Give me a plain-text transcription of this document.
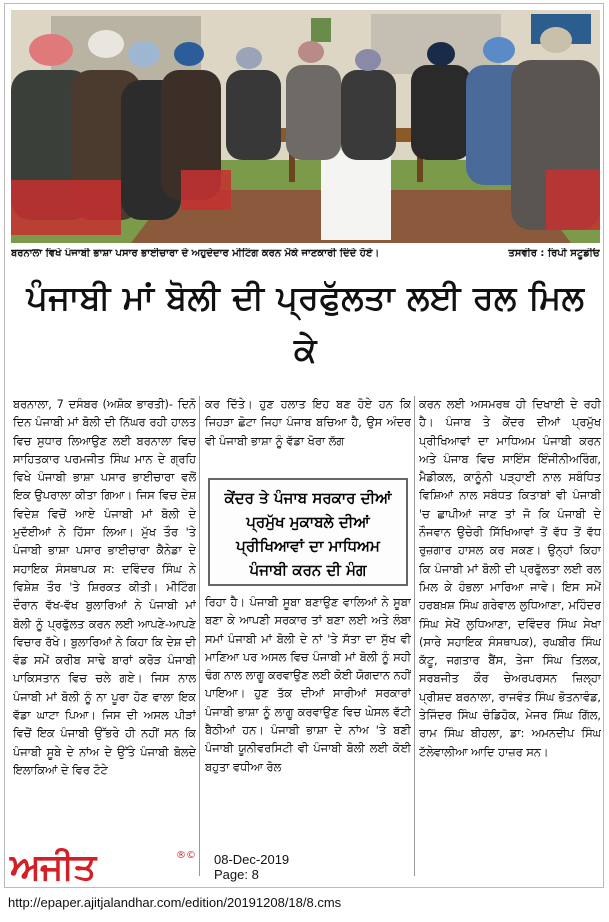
ਬਰਨਾਲਾ ਵਿਖੇ ਪੰਜਾਬੀ ਭਾਸ਼ਾ ਪਸਾਰ ਭਾਈਚਾਰਾ ਦੇ ਅਹੁਦੇਦਾਰ ਮੀਟਿੰਗ ਕਰਨ ਮੌਕੇ ਜਾਣਕਾਰੀ ਦਿੰਦੇ ਹੋਏ।	ਤਸਵੀਰ : ਰਿਪੀ ਸਟੂਡੀਓ
ਪੰਜਾਬੀ ਮਾਂ ਬੋਲੀ ਦੀ ਪ੍ਰਫੁੱਲਤਾ ਲਈ ਰਲ ਮਿਲ ਕੇ
ਬਰਨਾਲਾ, 7 ਦਸੰਬਰ (ਅਸ਼ੋਕ ਭਾਰਤੀ)- ਦਿਨੋ ਦਿਨ ਪੰਜਾਬੀ ਮਾਂ ਬੋਲੀ ਦੀ ਨਿੱਘਰ ਰਹੀ ਹਾਲਤ ਵਿਚ ਸੁਧਾਰ ਲਿਆਉਣ ਲਈ ਬਰਨਾਲਾ ਵਿਚ ਸਾਹਿਤਕਾਰ ਪਰਮਜੀਤ ਸਿੰਘ ਮਾਨ ਦੇ ਗ੍ਰਹਿ ਵਿਖੇ ਪੰਜਾਬੀ ਭਾਸ਼ਾ ਪਸਾਰ ਭਾਈਚਾਰਾ ਵਲੋਂ ਇਕ ਉਪਰਾਲਾ ਕੀਤਾ ਗਿਆ। ਜਿਸ ਵਿਚ ਦੇਸ਼ ਵਿਦੇਸ਼ ਵਿਚੋਂ ਆਏ ਪੰਜਾਬੀ ਮਾਂ ਬੋਲੀ ਦੇ ਮੁਦੱਈਆਂ ਨੇ ਹਿੱਸਾ ਲਿਆ। ਮੁੱਖ ਤੌਰ 'ਤੇ ਪੰਜਾਬੀ ਭਾਸ਼ਾ ਪਸਾਰ ਭਾਈਚਾਰਾ ਕੈਨੇਡਾ ਦੇ ਸਹਾਇਕ ਸੰਸਥਾਪਕ ਸ: ਦਵਿੰਦਰ ਸਿੰਘ ਨੇ ਵਿਸ਼ੇਸ਼ ਤੌਰ 'ਤੇ ਸ਼ਿਰਕਤ ਕੀਤੀ। ਮੀਟਿੰਗ ਦੌਰਾਨ ਵੱਖ-ਵੱਖ ਬੁਲਾਰਿਆਂ ਨੇ ਪੰਜਾਬੀ ਮਾਂ ਬੋਲੀ ਨੂੰ ਪ੍ਰਫੁੱਲਤ ਕਰਨ ਲਈ ਆਪਣੇ-ਆਪਣੇ ਵਿਚਾਰ ਰੱਖੇ। ਬੁਲਾਰਿਆਂ ਨੇ ਕਿਹਾ ਕਿ ਦੇਸ਼ ਦੀ ਵੰਡ ਸਮੇਂ ਕਰੀਬ ਸਾਢੇ ਬਾਰਾਂ ਕਰੋੜ ਪੰਜਾਬੀ ਪਾਕਿਸਤਾਨ ਵਿਚ ਚਲੇ ਗਏ। ਜਿਸ ਨਾਲ ਪੰਜਾਬੀ ਮਾਂ ਬੋਲੀ ਨੂੰ ਨਾ ਪੂਰਾ ਹੋਣ ਵਾਲਾ ਇਕ ਵੱਡਾ ਘਾਟਾ ਪਿਆ। ਜਿਸ ਦੀ ਅਸਲ ਪੀੜਾਂ ਵਿਚੋਂ ਇਕ ਪੰਜਾਬੀ ਉੱਭਰੇ ਹੀ ਨਹੀਂ ਸਨ ਕਿ ਪੰਜਾਬੀ ਸੂਬੇ ਦੇ ਨਾਂਅ ਦੇ ਉੱਤੇ ਪੰਜਾਬੀ ਬੋਲਦੇ ਇਲਾਕਿਆਂ ਦੇ ਵਿਰ ਟੋਟੇ
ਕਰ ਦਿੱਤੇ। ਹੁਣ ਹਲਾਤ ਇਹ ਬਣ ਹੋਏ ਹਨ ਕਿ ਜਿਹੜਾ ਛੋਟਾ ਜਿਹਾ ਪੰਜਾਬ ਬਚਿਆ ਹੈ, ਉਸ ਅੰਦਰ ਵੀ ਪੰਜਾਬੀ ਭਾਸ਼ਾ ਨੂੰ ਵੱਡਾ ਖੋਰਾ ਲੱਗ
ਕੇਂਦਰ ਤੇ ਪੰਜਾਬ ਸਰਕਾਰ ਦੀਆਂ ਪ੍ਰਮੁੱਖ ਮੁਕਾਬਲੇ ਦੀਆਂ ਪ੍ਰੀਖਿਆਵਾਂ ਦਾ ਮਾਧਿਅਮ ਪੰਜਾਬੀ ਕਰਨ ਦੀ ਮੰਗ
ਰਿਹਾ ਹੈ। ਪੰਜਾਬੀ ਸੂਬਾ ਬਣਾਉਣ ਵਾਲਿਆਂ ਨੇ ਸੂਬਾ ਬਣਾ ਕੇ ਆਪਣੀ ਸਰਕਾਰ ਤਾਂ ਬਣਾ ਲਈ ਅਤੇ ਲੰਬਾ ਸਮਾਂ ਪੰਜਾਬੀ ਮਾਂ ਬੋਲੀ ਦੇ ਨਾਂ 'ਤੇ ਸੱਤਾ ਦਾ ਸੁੱਖ ਵੀ ਮਾਣਿਆ ਪਰ ਅਸਲ ਵਿਚ ਪੰਜਾਬੀ ਮਾਂ ਬੋਲੀ ਨੂੰ ਸਹੀ ਢੰਗ ਨਾਲ ਲਾਗੂ ਕਰਵਾਉਣ ਲਈ ਕੋਈ ਯੋਗਦਾਨ ਨਹੀਂ ਪਾਇਆ। ਹੁਣ ਤੱਕ ਦੀਆਂ ਸਾਰੀਆਂ ਸਰਕਾਰਾਂ ਪੰਜਾਬੀ ਭਾਸ਼ਾ ਨੂੰ ਲਾਗੂ ਕਰਵਾਉਣ ਵਿਚ ਘੇਸਲ ਵੱਟੀ ਬੈਠੀਆਂ ਹਨ। ਪੰਜਾਬੀ ਭਾਸ਼ਾ ਦੇ ਨਾਂਅ 'ਤੇ ਬਣੀ ਪੰਜਾਬੀ ਯੂਨੀਵਰਸਿਟੀ ਵੀ ਪੰਜਾਬੀ ਬੋਲੀ ਲਈ ਕੋਈ ਬਹੁਤਾ ਵਧੀਆ ਰੋਲ
ਕਰਨ ਲਈ ਅਸਮਰਥ ਹੀ ਦਿਖਾਈ ਦੇ ਰਹੀ ਹੈ। ਪੰਜਾਬ ਤੇ ਕੇਂਦਰ ਦੀਆਂ ਪ੍ਰਮੁੱਖ ਪ੍ਰੀਖਿਆਵਾਂ ਦਾ ਮਾਧਿਅਮ ਪੰਜਾਬੀ ਕਰਨ ਅਤੇ ਪੰਜਾਬ ਵਿਚ ਸਾਇੰਸ ਇੰਜੀਨੀਅਰਿੰਗ, ਮੈਡੀਕਲ, ਕਾਨੂੰਨੀ ਪੜ੍ਹਾਈ ਨਾਲ ਸਬੰਧਿਤ ਵਿਸ਼ਿਆਂ ਨਾਲ ਸਬੰਧਤ ਕਿਤਾਬਾਂ ਵੀ ਪੰਜਾਬੀ 'ਚ ਛਾਪੀਆਂ ਜਾਣ ਤਾਂ ਜੋ ਕਿ ਪੰਜਾਬੀ ਦੇ ਨੌਜਵਾਨ ਉਚੇਰੀ ਸਿੱਖਿਆਵਾਂ ਤੋਂ ਵੱਧ ਤੋਂ ਵੱਧ ਰੁਜ਼ਗਾਰ ਹਾਸਲ ਕਰ ਸਕਣ। ਉਨ੍ਹਾਂ ਕਿਹਾ ਕਿ ਪੰਜਾਬੀ ਮਾਂ ਬੋਲੀ ਦੀ ਪ੍ਰਫੁੱਲਤਾ ਲਈ ਰਲ ਮਿਲ ਕੇ ਹੰਭਲਾ ਮਾਰਿਆ ਜਾਵੇ। ਇਸ ਸਮੇਂ ਹਰਬਖ਼ਸ਼ ਸਿੰਘ ਗਰੇਵਾਲ ਲੁਧਿਆਣਾ, ਮਹਿੰਦਰ ਸਿੰਘ ਸੇਖੋਂ ਲੁਧਿਆਣਾ, ਦਵਿੰਦਰ ਸਿੰਘ ਸੇਖਾ (ਸਾਰੇ ਸਹਾਇਕ ਸੰਸਥਾਪਕ), ਰਘਬੀਰ ਸਿੰਘ ਕੱਟੂ, ਜਗਤਾਰ ਬੈਂਸ, ਤੇਜਾ ਸਿੰਘ ਤਿਲਕ, ਸਰਬਜੀਤ ਕੌਰ ਚੇਅਰਪਰਸਨ ਜ਼ਿਲ੍ਹਾ ਪ੍ਰੀਸ਼ਦ ਬਰਨਾਲਾ, ਰਾਜਵੰਤ ਸਿੰਘ ਭੋਤਨਾਵੰਡ, ਤੇਜਿੰਦਰ ਸਿੰਘ ਚੰਡਿਹੋਕ, ਮੇਜਰ ਸਿੰਘ ਗਿੱਲ, ਰਾਮ ਸਿੰਘ ਬੀਹਲਾ, ਡਾ: ਅਮਨਦੀਪ ਸਿੰਘ ਟੱਲੇਵਾਲੀਆ ਆਦਿ ਹਾਜ਼ਰ ਸਨ।
ਅਜੀਤ	®© 08-Dec-2019
Page: 8
http://epaper.ajitjalandhar.com/edition/20191208/18/8.cms
